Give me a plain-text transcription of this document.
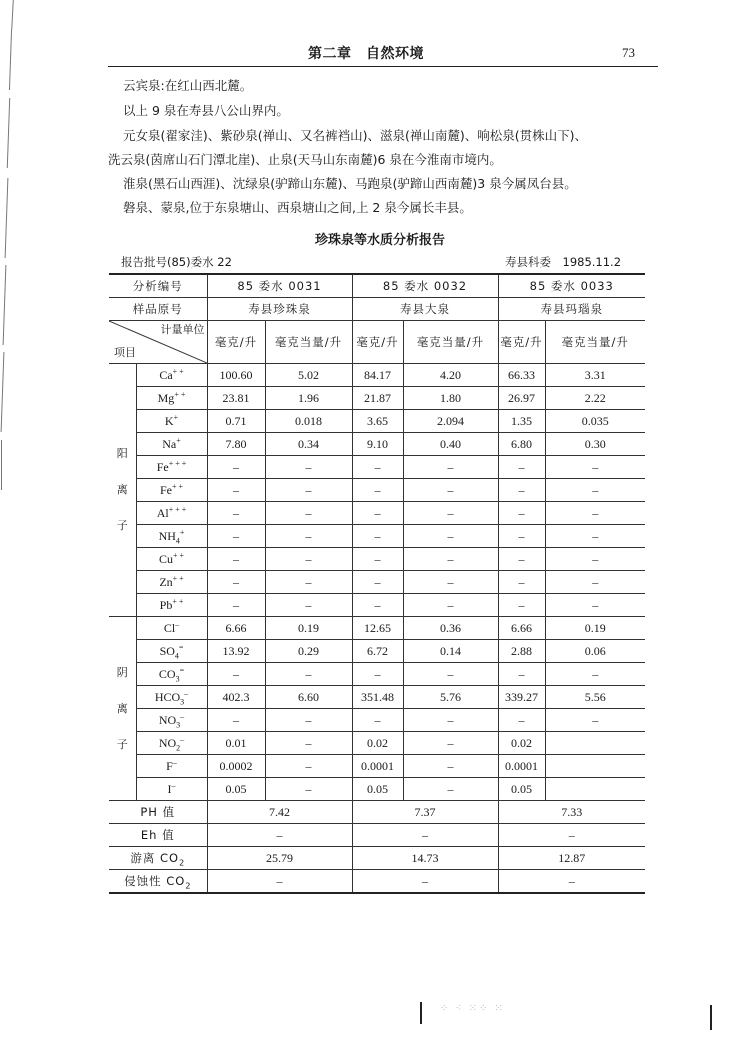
⁘ ⁖ ⁙⁘ ⁙
第二章　自然环境	73
云宾泉:在红山西北麓。
以上 9 泉在寿县八公山界内。
元女泉(翟家洼)、紫砂泉(禅山、又名裤裆山)、滋泉(禅山南麓)、响松泉(贯株山下)、
洗云泉(茵席山石门潭北崖)、止泉(天马山东南麓)6 泉在今淮南市境内。
淮泉(黑石山西涯)、沈绿泉(驴蹄山东麓)、马跑泉(驴蹄山西南麓)3 泉今属凤台县。
磐泉、蒙泉,位于东泉塘山、西泉塘山之间,上 2 泉今属长丰县。
珍珠泉等水质分析报告
报告批号(85)委水 22	寿县科委　1985.11.2
分析编号		85 委水 0031		85 委水 0032		85 委水 0033	
样品原号		寿县珍珠泉		寿县大泉		寿县玛瑙泉	

计量单位
项目		毫克/升	毫克当量/升	毫克/升	毫克当量/升	毫克/升	毫克当量/升

阳
离
子	Ca+ +	100.60	5.02	84.17	4.20	66.33	3.31
	Mg+ +	23.81	1.96	21.87	1.80	26.97	2.22
	K+	0.71	0.018	3.65	2.094	1.35	0.035
	Na+	7.80	0.34	9.10	0.40	6.80	0.30
	Fe+ + +	–	–	–	–	–	–
	Fe+ +	–	–	–	–	–	–
	Al+ + +	–	–	–	–	–	–
	$NH_4^+$	–	–	–	–	–	–
	Cu+ +	–	–	–	–	–	–
	Zn+ +	–	–	–	–	–	–
	Pb+ +	–	–	–	–	–	–

阴
离
子	Cl–	6.66	0.19	12.65	0.36	6.66	0.19
	$SO_4^=$	13.92	0.29	6.72	0.14	2.88	0.06
	$CO_3^=$	–	–	–	–	–	–
	$HCO_3^-$	402.3	6.60	351.48	5.76	339.27	5.56
	$NO_3^-$	–	–	–	–	–	–
	$NO_2^-$	0.01	–	0.02	–	0.02	
	F–	0.0002	–	0.0001	–	0.0001	
	I–	0.05	–	0.05	–	0.05	
PH 值		7.42		7.37		7.33	
Eh 值		–		–		–	
游离 $CO_2$		25.79		14.73		12.87	
侵蚀性 $CO_2$		–		–		–	
